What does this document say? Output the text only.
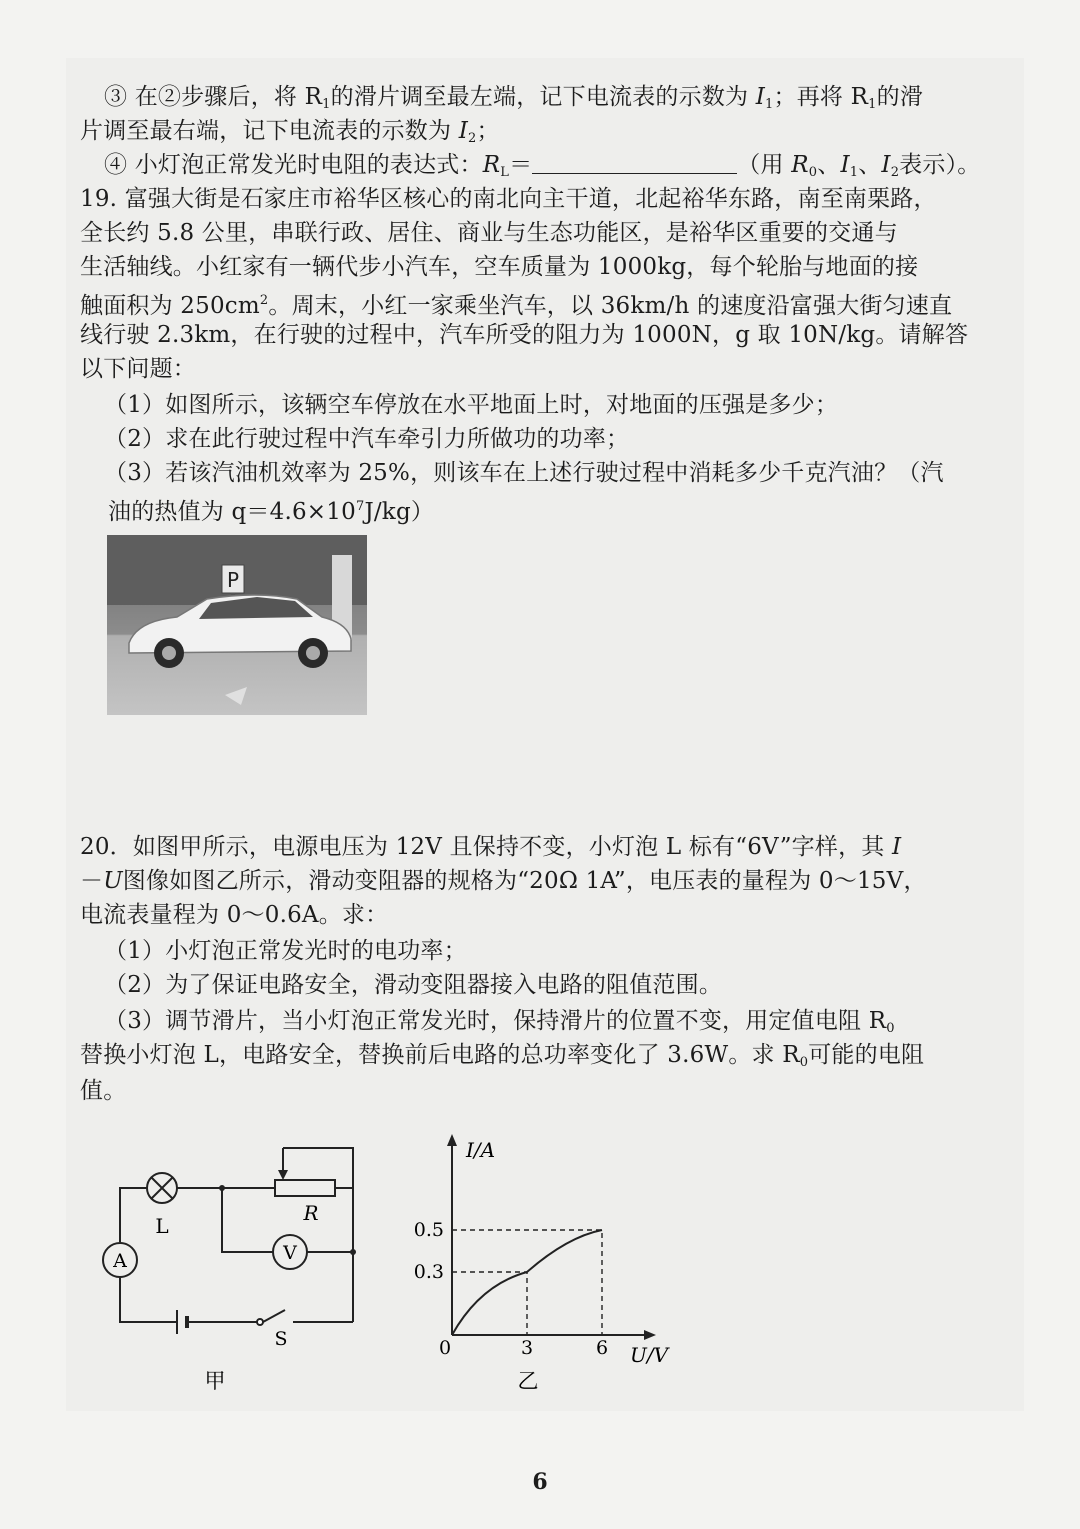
③ 在②步骤后，将 $R_1$的滑片调至最左端，记下电流表的示数为 $I_1$；再将 $R_1$的滑
片调至最右端，记下电流表的示数为 $I_2$；
④ 小灯泡正常发光时电阻的表达式：$R_L=$	（用 $R_0$、$I_1$、$I_2$表示）。
19. 富强大街是石家庄市裕华区核心的南北向主干道，北起裕华东路，南至南栗路，
全长约 5.8 公里，串联行政、居住、商业与生态功能区，是裕华区重要的交通与
生活轴线。小红家有一辆代步小汽车，空车质量为 1000kg，每个轮胎与地面的接
触面积为 $250cm^2$。周末，小红一家乘坐汽车，以 36km/h 的速度沿富强大街匀速直
线行驶 2.3km，在行驶的过程中，汽车所受的阻力为 1000N，g 取 10N/kg。请解答
以下问题：
（1）如图所示，该辆空车停放在水平地面上时，对地面的压强是多少；
（2）求在此行驶过程中汽车牵引力所做功的功率；
（3）若该汽油机效率为 25%，则该车在上述行驶过程中消耗多少千克汽油？（汽
油的热值为 $q=4.6\times 10^7J/kg$）
P
20．如图甲所示，电源电压为 12V 且保持不变，小灯泡 L 标有“6V”字样，其 I
－U图像如图乙所示，滑动变阻器的规格为“20Ω 1A”，电压表的量程为 0～15V，
电流表量程为 0～0.6A。求：
（1）小灯泡正常发光时的电功率；
（2）为了保证电路安全，滑动变阻器接入电路的阻值范围。
（3）调节滑片，当小灯泡正常发光时，保持滑片的位置不变，用定值电阻 $R_0$
替换小灯泡 L，电路安全，替换前后电路的总功率变化了 3.6W。求 $R_0$可能的电阻
值。
L
R
A	V
S
甲
I/A
U/V
0
0.5
0.3
3	6
乙
6
